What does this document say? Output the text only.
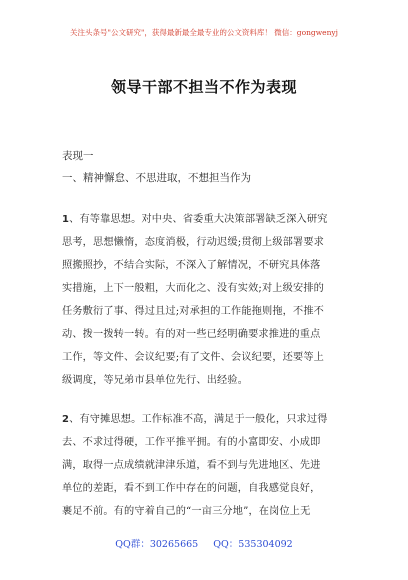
关注头条号"公文研究"，获得最新最全最专业的公文资料库！ 微信：gongwenyj
领导干部不担当不作为表现
表现一
一、精神懈怠、不思进取，不想担当作为
1、有等靠思想。对中央、省委重大决策部署缺乏深入研究
思考，思想懒惰，态度消极，行动迟缓;贯彻上级部署要求
照搬照抄，不结合实际，不深入了解情况，不研究具体落
实措施，上下一般粗，大而化之、没有实效;对上级安排的
任务敷衍了事、得过且过;对承担的工作能拖则拖，不推不
动、拨一拨转一转。有的对一些已经明确要求推进的重点
工作，等文件、会议纪要;有了文件、会议纪要，还要等上
级调度，等兄弟市县单位先行、出经验。
2、有守摊思想。工作标准不高，满足于一般化，只求过得
去、不求过得硬，工作平推平拥。有的小富即安、小成即
满，取得一点成绩就津津乐道，看不到与先进地区、先进
单位的差距，看不到工作中存在的问题，自我感觉良好，
裹足不前。有的守着自己的“一亩三分地”，在岗位上无
QQ群：30265665 QQ：535304092
